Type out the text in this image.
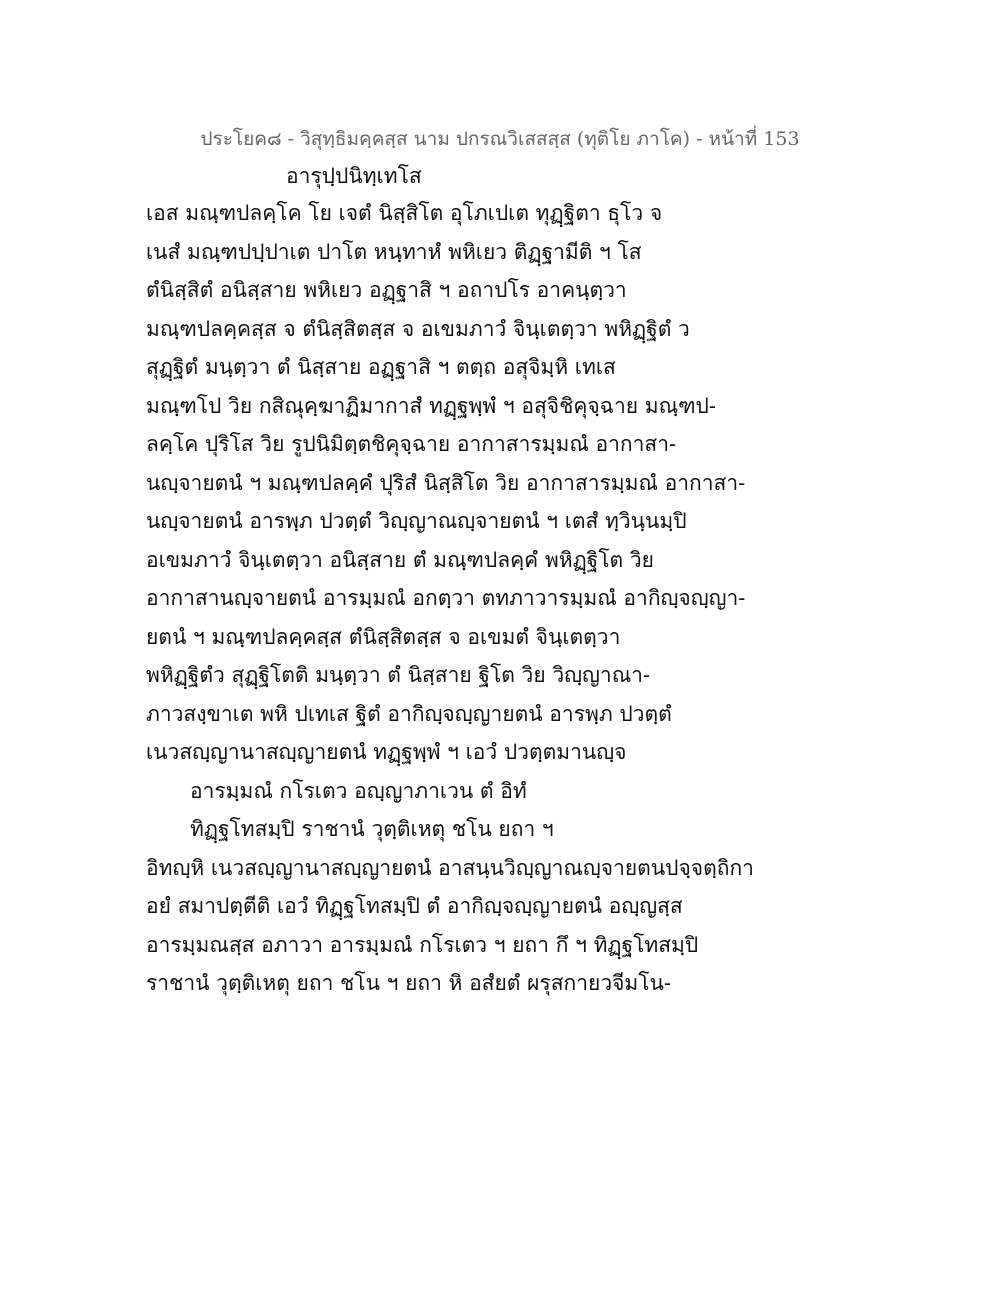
ประโยค๘ - วิสุทฺธิมคฺคสฺส นาม ปกรณวิเสสสฺส (ทุติโย ภาโค) - หน้าที่ 153
อารุปฺปนิทฺเทโส
เอส มณฺฑปลคฺโค โย เจตํ นิสฺสิโต อุโภเปเต ทุฏฺฐิตา ธุโว จ
เนสํ มณฺฑปปฺปาเต ปาโต หนฺทาหํ พหิเยว ติฏฺฐามีติ ฯ โส
ตํนิสฺสิตํ อนิสฺสาย พหิเยว อฏฺฐาสิ ฯ อถาปโร อาคนฺตฺวา
มณฺฑปลคฺคสฺส จ ตํนิสฺสิตสฺส จ อเขมภาวํ จินฺเตตฺวา พหิฏฺฐิตํ ว
สุฏฺฐิตํ มนฺตฺวา ตํ นิสฺสาย อฏฺฐาสิ ฯ ตตฺถ อสุจิมฺหิ เทเส
มณฺฑโป วิย กสิณุคฺฆาฏิมากาสํ ทฏฺฐพฺพํ ฯ อสุจิชิคุจฺฉาย มณฺฑป-
ลคฺโค ปุริโส วิย รูปนิมิตฺตชิคุจฺฉาย อากาสารมฺมณํ อากาสา-
นญฺจายตนํ ฯ มณฺฑปลคฺคํ ปุริสํ นิสฺสิโต วิย อากาสารมฺมณํ อากาสา-
นญฺจายตนํ อารพฺภ ปวตฺตํ วิญฺญาณญฺจายตนํ ฯ เตสํ ทฺวินฺนมฺปิ
อเขมภาวํ จินฺเตตฺวา อนิสฺสาย ตํ มณฺฑปลคฺคํ พหิฏฺฐิโต วิย
อากาสานญฺจายตนํ อารมฺมณํ อกตฺวา ตทภาวารมฺมณํ อากิญฺจญฺญา-
ยตนํ ฯ มณฺฑปลคฺคสฺส ตํนิสฺสิตสฺส จ อเขมตํ จินฺเตตฺวา
พหิฏฺฐิตํว สุฏฺฐิโตติ มนฺตฺวา ตํ นิสฺสาย ฐิโต วิย วิญฺญาณา-
ภาวสงฺขาเต พหิ ปเทเส ฐิตํ อากิญฺจญฺญายตนํ อารพฺภ ปวตฺตํ
เนวสญฺญานาสญฺญายตนํ ทฏฺฐพฺพํ ฯ เอวํ ปวตฺตมานญฺจ
อารมฺมณํ กโรเตว อญฺญาภาเวน ตํ อิทํ
ทิฏฺฐโทสมฺปิ ราชานํ วุตฺติเหตุ ชโน ยถา ฯ
อิทญฺหิ เนวสญฺญานาสญฺญายตนํ อาสนฺนวิญฺญาณญฺจายตนปจฺจตฺถิกา
อยํ สมาปตฺตีติ เอวํ ทิฏฺฐโทสมฺปิ ตํ อากิญฺจญฺญายตนํ อญฺญสฺส
อารมฺมณสฺส อภาวา อารมฺมณํ กโรเตว ฯ ยถา กึ ฯ ทิฏฺฐโทสมฺปิ
ราชานํ วุตฺติเหตุ ยถา ชโน ฯ ยถา หิ อสํยตํ ผรุสกายวจีมโน-
